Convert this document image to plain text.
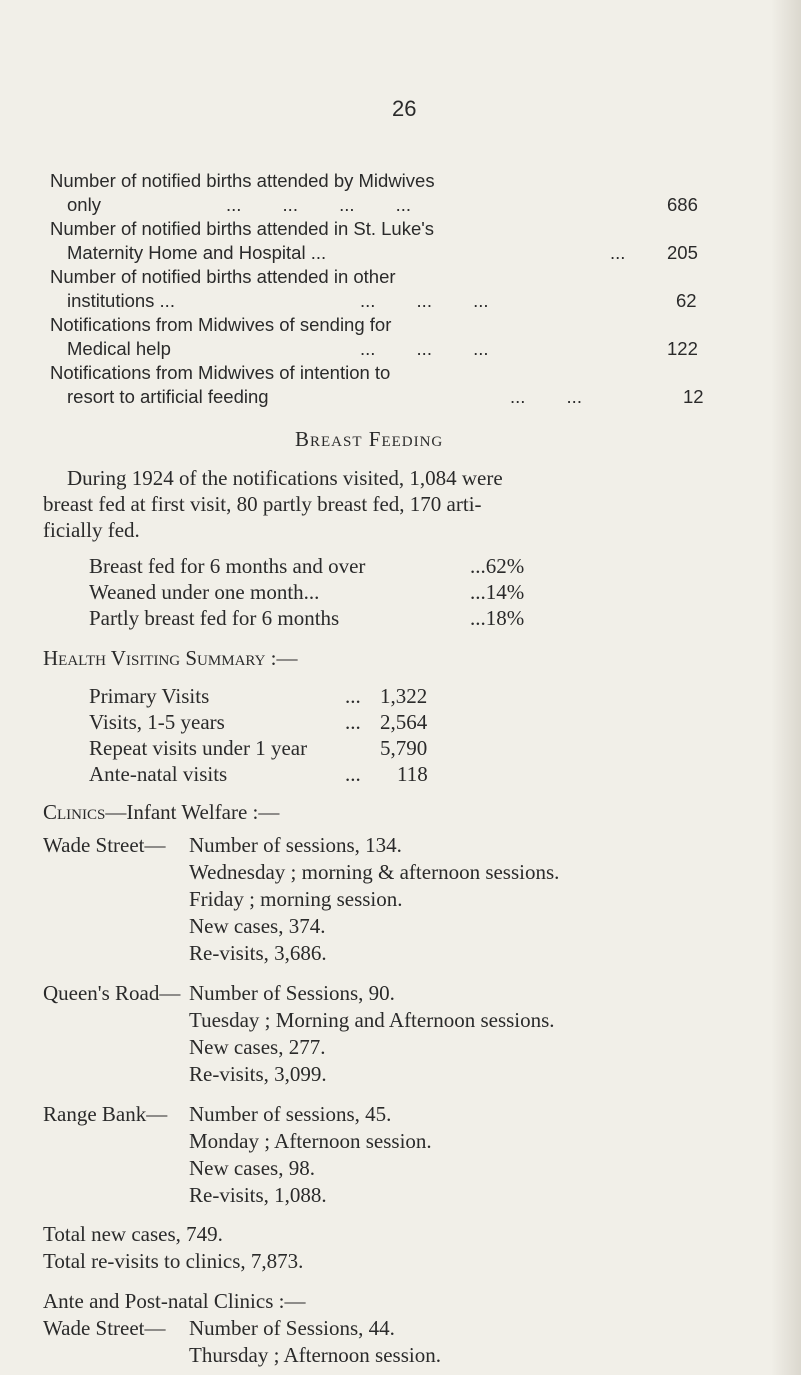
26
Number of notified births attended by Midwives
only	...        ...        ...        ...	686
Number of notified births attended in St. Luke's
Maternity Home and Hospital ...	... 205
Number of notified births attended in other
institutions ...	...        ...        ...	62
Notifications from Midwives of sending for
Medical help	...        ...        ...	122
Notifications from Midwives of intention to
resort to artificial feeding	...        ...	12
Breast Feeding
During 1924 of the notifications visited, 1,084 were
breast fed at first visit, 80 partly breast fed, 170 arti-
ficially fed.
Breast fed for 6 months and over	...62%
Weaned under one month...	...14%
Partly breast fed for 6 months	...18%
Health Visiting Summary :—
Primary Visits	... 1,322
Visits, 1-5 years	... 2,564
Repeat visits under 1 year	5,790
Ante-natal visits	... 118
Clinics—Infant Welfare :—
Wade Street— Number of sessions, 134.
Wednesday ; morning & afternoon sessions.
Friday ; morning session.
New cases, 374.
Re-visits, 3,686.
Queen's Road— Number of Sessions, 90.
Tuesday ; Morning and Afternoon sessions.
New cases, 277.
Re-visits, 3,099.
Range Bank— Number of sessions, 45.
Monday ; Afternoon session.
New cases, 98.
Re-visits, 1,088.
Total new cases, 749.
Total re-visits to clinics, 7,873.
Ante and Post-natal Clinics :—
Wade Street— Number of Sessions, 44.
Thursday ; Afternoon session.
